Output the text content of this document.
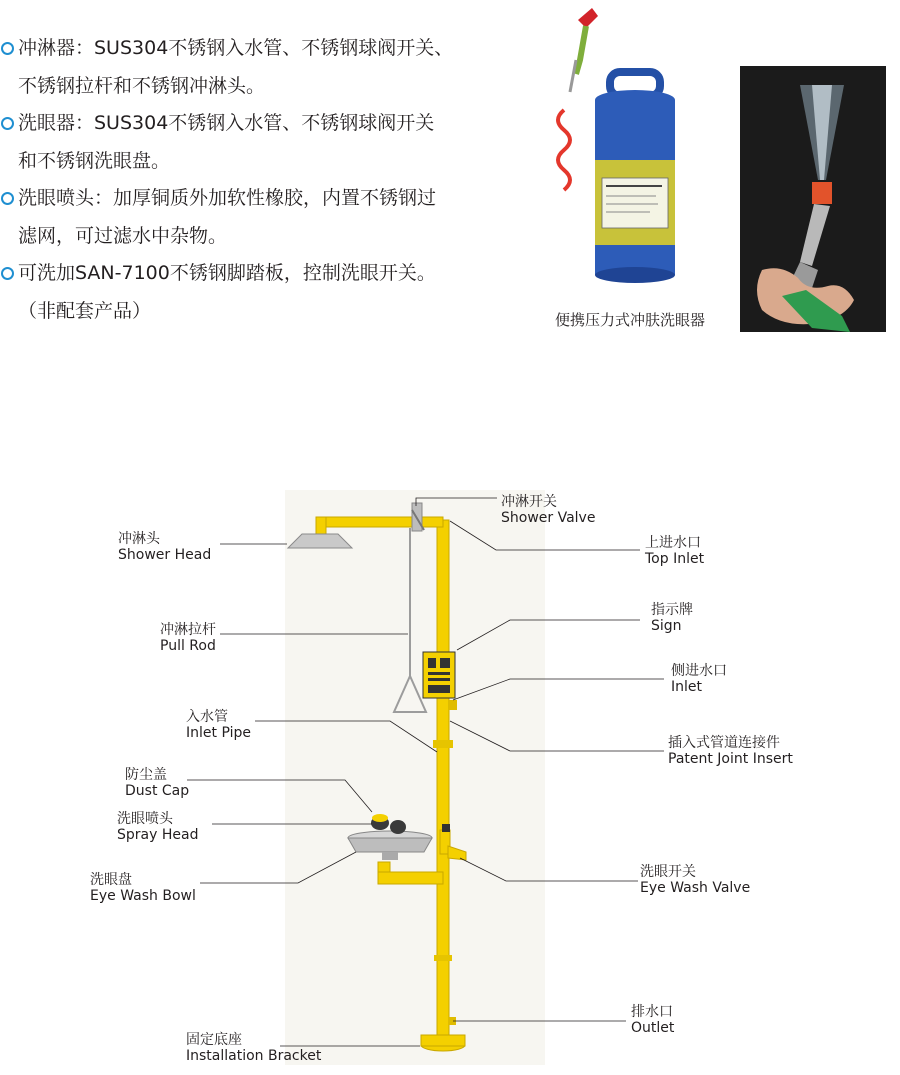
冲淋器：SUS304不锈钢入水管、不锈钢球阀开关、
不锈钢拉杆和不锈钢冲淋头。
洗眼器：SUS304不锈钢入水管、不锈钢球阀开关
和不锈钢洗眼盘。
洗眼喷头：加厚铜质外加软性橡胶，内置不锈钢过
滤网，可过滤水中杂物。
可洗加SAN-7100不锈钢脚踏板，控制洗眼开关。
（非配套产品）	便携压力式冲肤洗眼器
冲淋开关
Shower Valve
冲淋头
Shower Head
上进水口
Top Inlet
指示牌
Sign
冲淋拉杆
Pull Rod
侧进水口
Inlet
入水管
Inlet Pipe
插入式管道连接件
Patent Joint Insert
防尘盖
Dust Cap
洗眼喷头
Spray Head
洗眼开关
Eye Wash Valve
洗眼盘
Eye Wash Bowl
排水口
Outlet
固定底座
Installation Bracket
